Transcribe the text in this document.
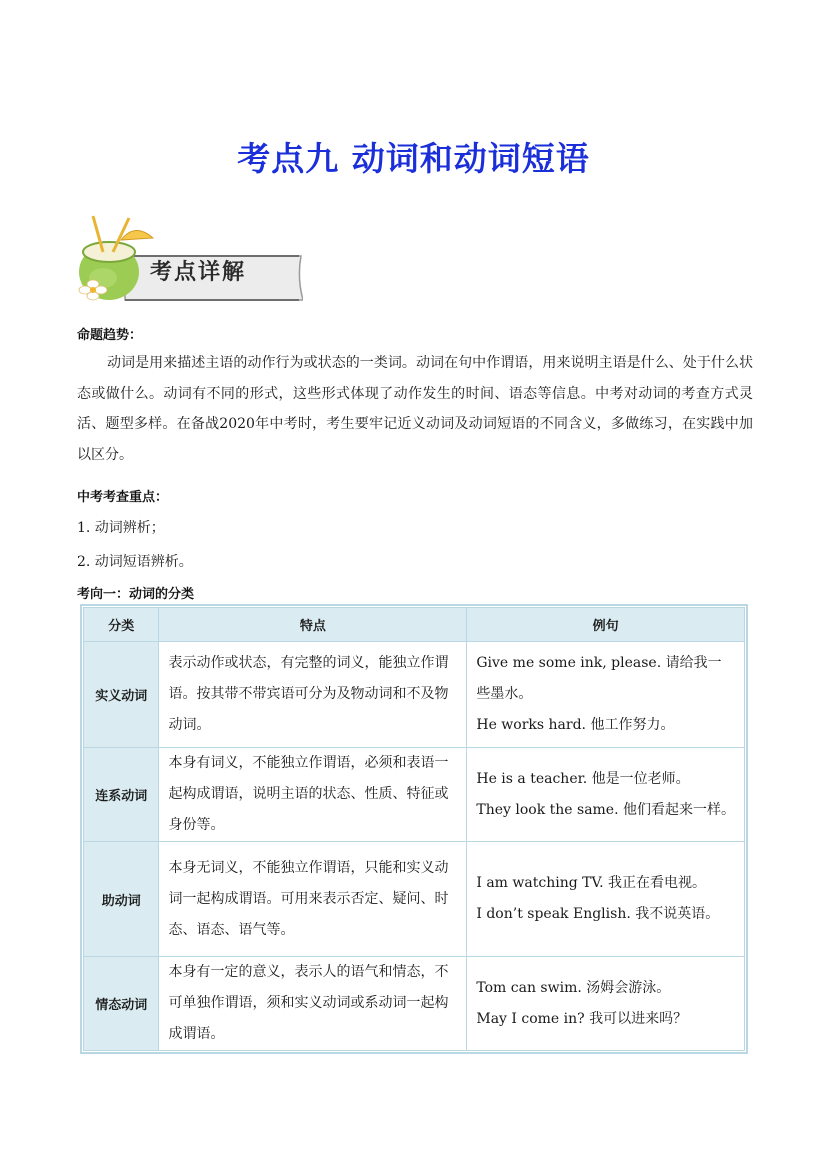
考点九 动词和动词短语
考点详解
命题趋势：

动词是用来描述主语的动作行为或状态的一类词。动词在句中作谓语，用来说明主语是什么、处于什么状态或做什么。动词有不同的形式，这些形式体现了动作发生的时间、语态等信息。中考对动词的考查方式灵活、题型多样。在备战2020年中考时，考生要牢记近义动词及动词短语的不同含义，多做练习，在实践中加以区分。

中考考查重点：
1. 动词辨析；
2. 动词短语辨析。
考向一：动词的分类
分类	特点	例句
实义动词	表示动作或状态，有完整的词义，能独立作谓语。按其带不带宾语可分为及物动词和不及物动词。	Give me some ink, please. 请给我一些墨水。
He works hard. 他工作努力。

连系动词	本身有词义，不能独立作谓语，必须和表语一起构成谓语，说明主语的状态、性质、特征或身份等。	He is a teacher. 他是一位老师。
They look the same. 他们看起来一样。

助动词	本身无词义，不能独立作谓语，只能和实义动词一起构成谓语。可用来表示否定、疑问、时态、语态、语气等。	I am watching TV. 我正在看电视。
I don’t speak English. 我不说英语。

情态动词	本身有一定的意义，表示人的语气和情态，不可单独作谓语，须和实义动词或系动词一起构成谓语。	Tom can swim. 汤姆会游泳。
May I come in? 我可以进来吗？
